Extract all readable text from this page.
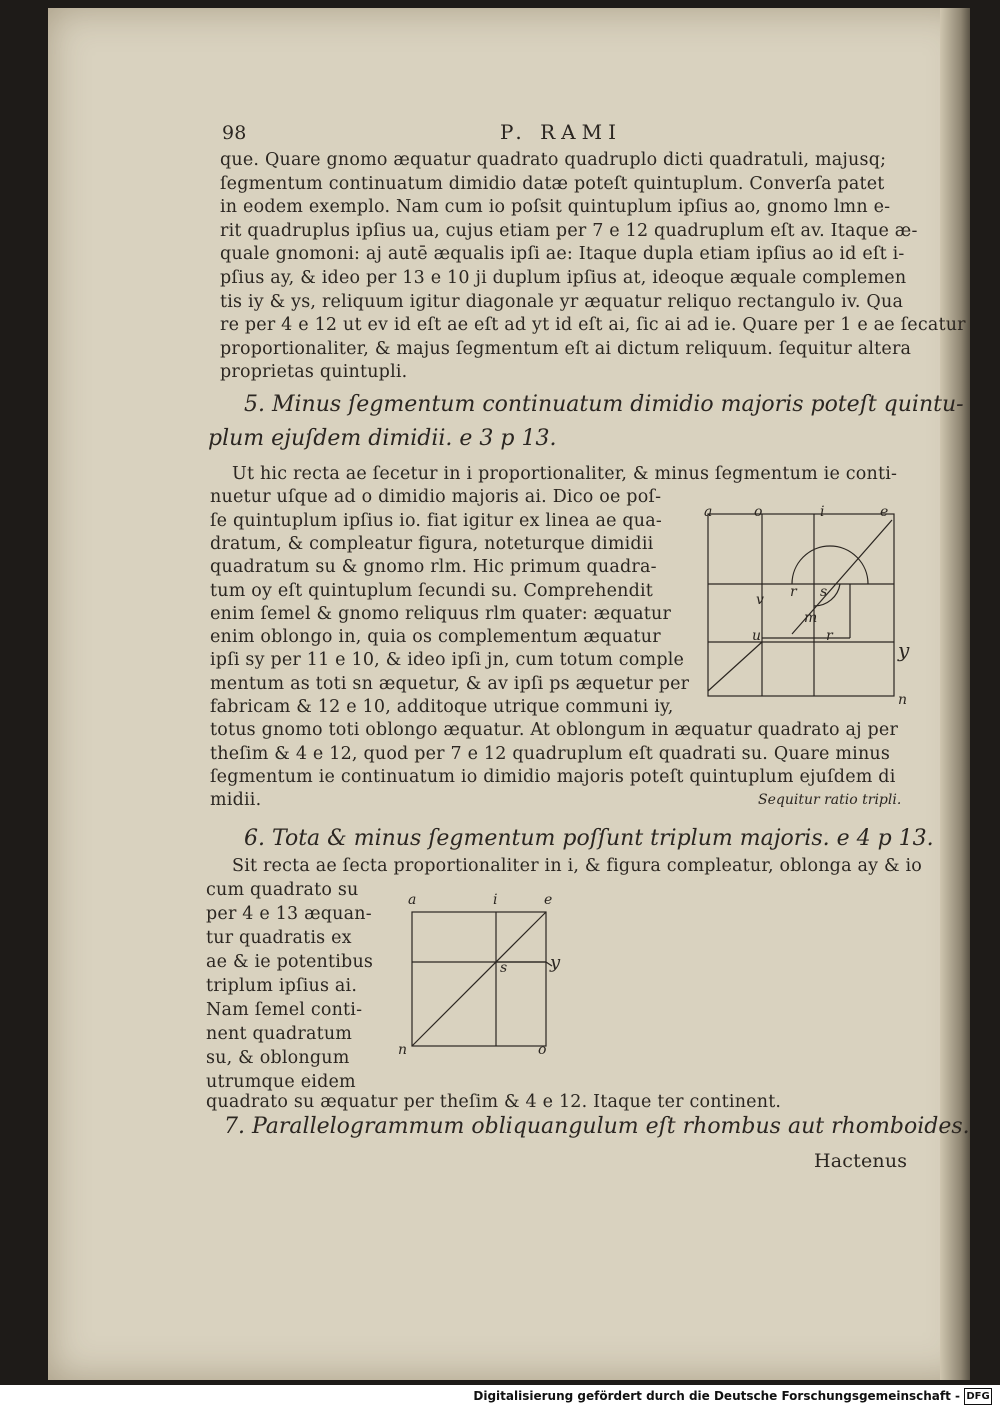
98	P. RAMI
que. Quare gnomo æquatur quadrato quadruplo dicti quadratuli, majusq;
ſegmentum continuatum dimidio datæ poteſt quintuplum. Converſa patet
in eodem exemplo. Nam cum io poſsit quintuplum ipſius ao, gnomo lmn e-
rit quadruplus ipſius ua, cujus etiam per 7 e 12 quadruplum eſt av. Itaque æ-
quale gnomoni: aj autē æqualis ipſi ae: Itaque dupla etiam ipſius ao id eſt i-
pſius ay, & ideo per 13 e 10 ji duplum ipſius at, ideoque æquale complemen
tis iy & ys, reliquum igitur diagonale yr æquatur reliquo rectangulo iv. Qua
re per 4 e 12 ut ev id eſt ae eſt ad yt id eſt ai, ſic ai ad ie. Quare per 1 e ae ſecatur
proportionaliter, & majus ſegmentum eſt ai dictum reliquum. ſequitur altera
proprietas quintupli.
5. Minus ſegmentum continuatum dimidio majoris poteſt quintu-
plum ejuſdem dimidii. e 3 p 13.
Ut hic recta ae ſecetur in i proportionaliter, & minus ſegmentum ie conti-
nuetur uſque ad o dimidio majoris ai. Dico oe poſ-
ſe quintuplum ipſius io. fiat igitur ex linea ae qua-
dratum, & compleatur figura, noteturque dimidii
quadratum su & gnomo rlm. Hic primum quadra-
tum oy eſt quintuplum ſecundi su. Comprehendit
enim ſemel & gnomo reliquus rlm quater: æquatur
enim oblongo in, quia os complementum æquatur
ipſi sy per 11 e 10, & ideo ipſi jn, cum totum comple
mentum as toti sn æquetur, & av ipſi ps æquetur per
fabricam & 12 e 10, additoque utrique communi iy,
totus gnomo toti oblongo æquatur. At oblongum in æquatur quadrato aj per
theſim & 4 e 12, quod per 7 e 12 quadruplum eſt quadrati su. Quare minus
ſegmentum ie continuatum io dimidio majoris poteſt quintuplum ejuſdem di
midii.
a	o	i	e
v r s
m
u	r
y
n
Sequitur ratio tripli.
6. Tota & minus ſegmentum poſſunt triplum majoris. e 4 p 13.
Sit recta ae ſecta proportionaliter in i, & figura compleatur, oblonga ay & io
cum quadrato su
per 4 e 13 æquan-
tur quadratis ex
ae & ie potentibus
triplum ipſius ai.
Nam ſemel conti-
nent quadratum
su, & oblongum
utrumque eidem
quadrato su æquatur per theſim & 4 e 12. Itaque ter continent.
a	i	e
s y
n	o
7. Parallelogrammum obliquangulum eſt rhombus aut rhomboides.
Hactenus
Digitalisierung gefördert durch die Deutsche Forschungsgemeinschaft - DFG
